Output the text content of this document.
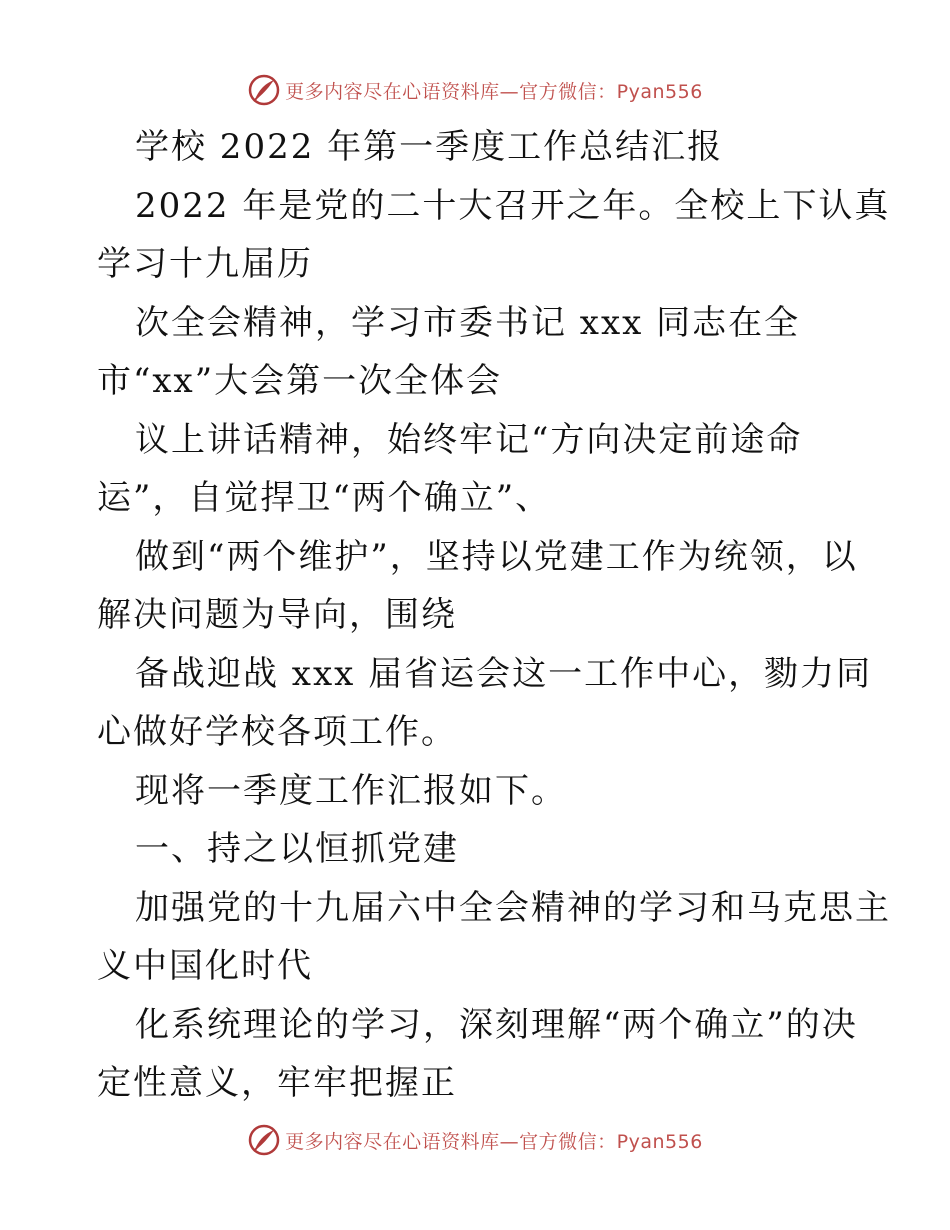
更多内容尽在心语资料库—官方微信：Pyan556

学校 2022 年第一季度工作总结汇报

2022 年是党的二十大召开之年。全校上下认真

学习十九届历

次全会精神，学习市委书记 xxx 同志在全

市“xx”大会第一次全体会

议上讲话精神，始终牢记“方向决定前途命

运”，自觉捍卫“两个确立”、

做到“两个维护”，坚持以党建工作为统领，以

解决问题为导向，围绕

备战迎战 xxx 届省运会这一工作中心，勠力同

心做好学校各项工作。

现将一季度工作汇报如下。

一、持之以恒抓党建

加强党的十九届六中全会精神的学习和马克思主

义中国化时代

化系统理论的学习，深刻理解“两个确立”的决

定性意义，牢牢把握正

更多内容尽在心语资料库—官方微信：Pyan556
